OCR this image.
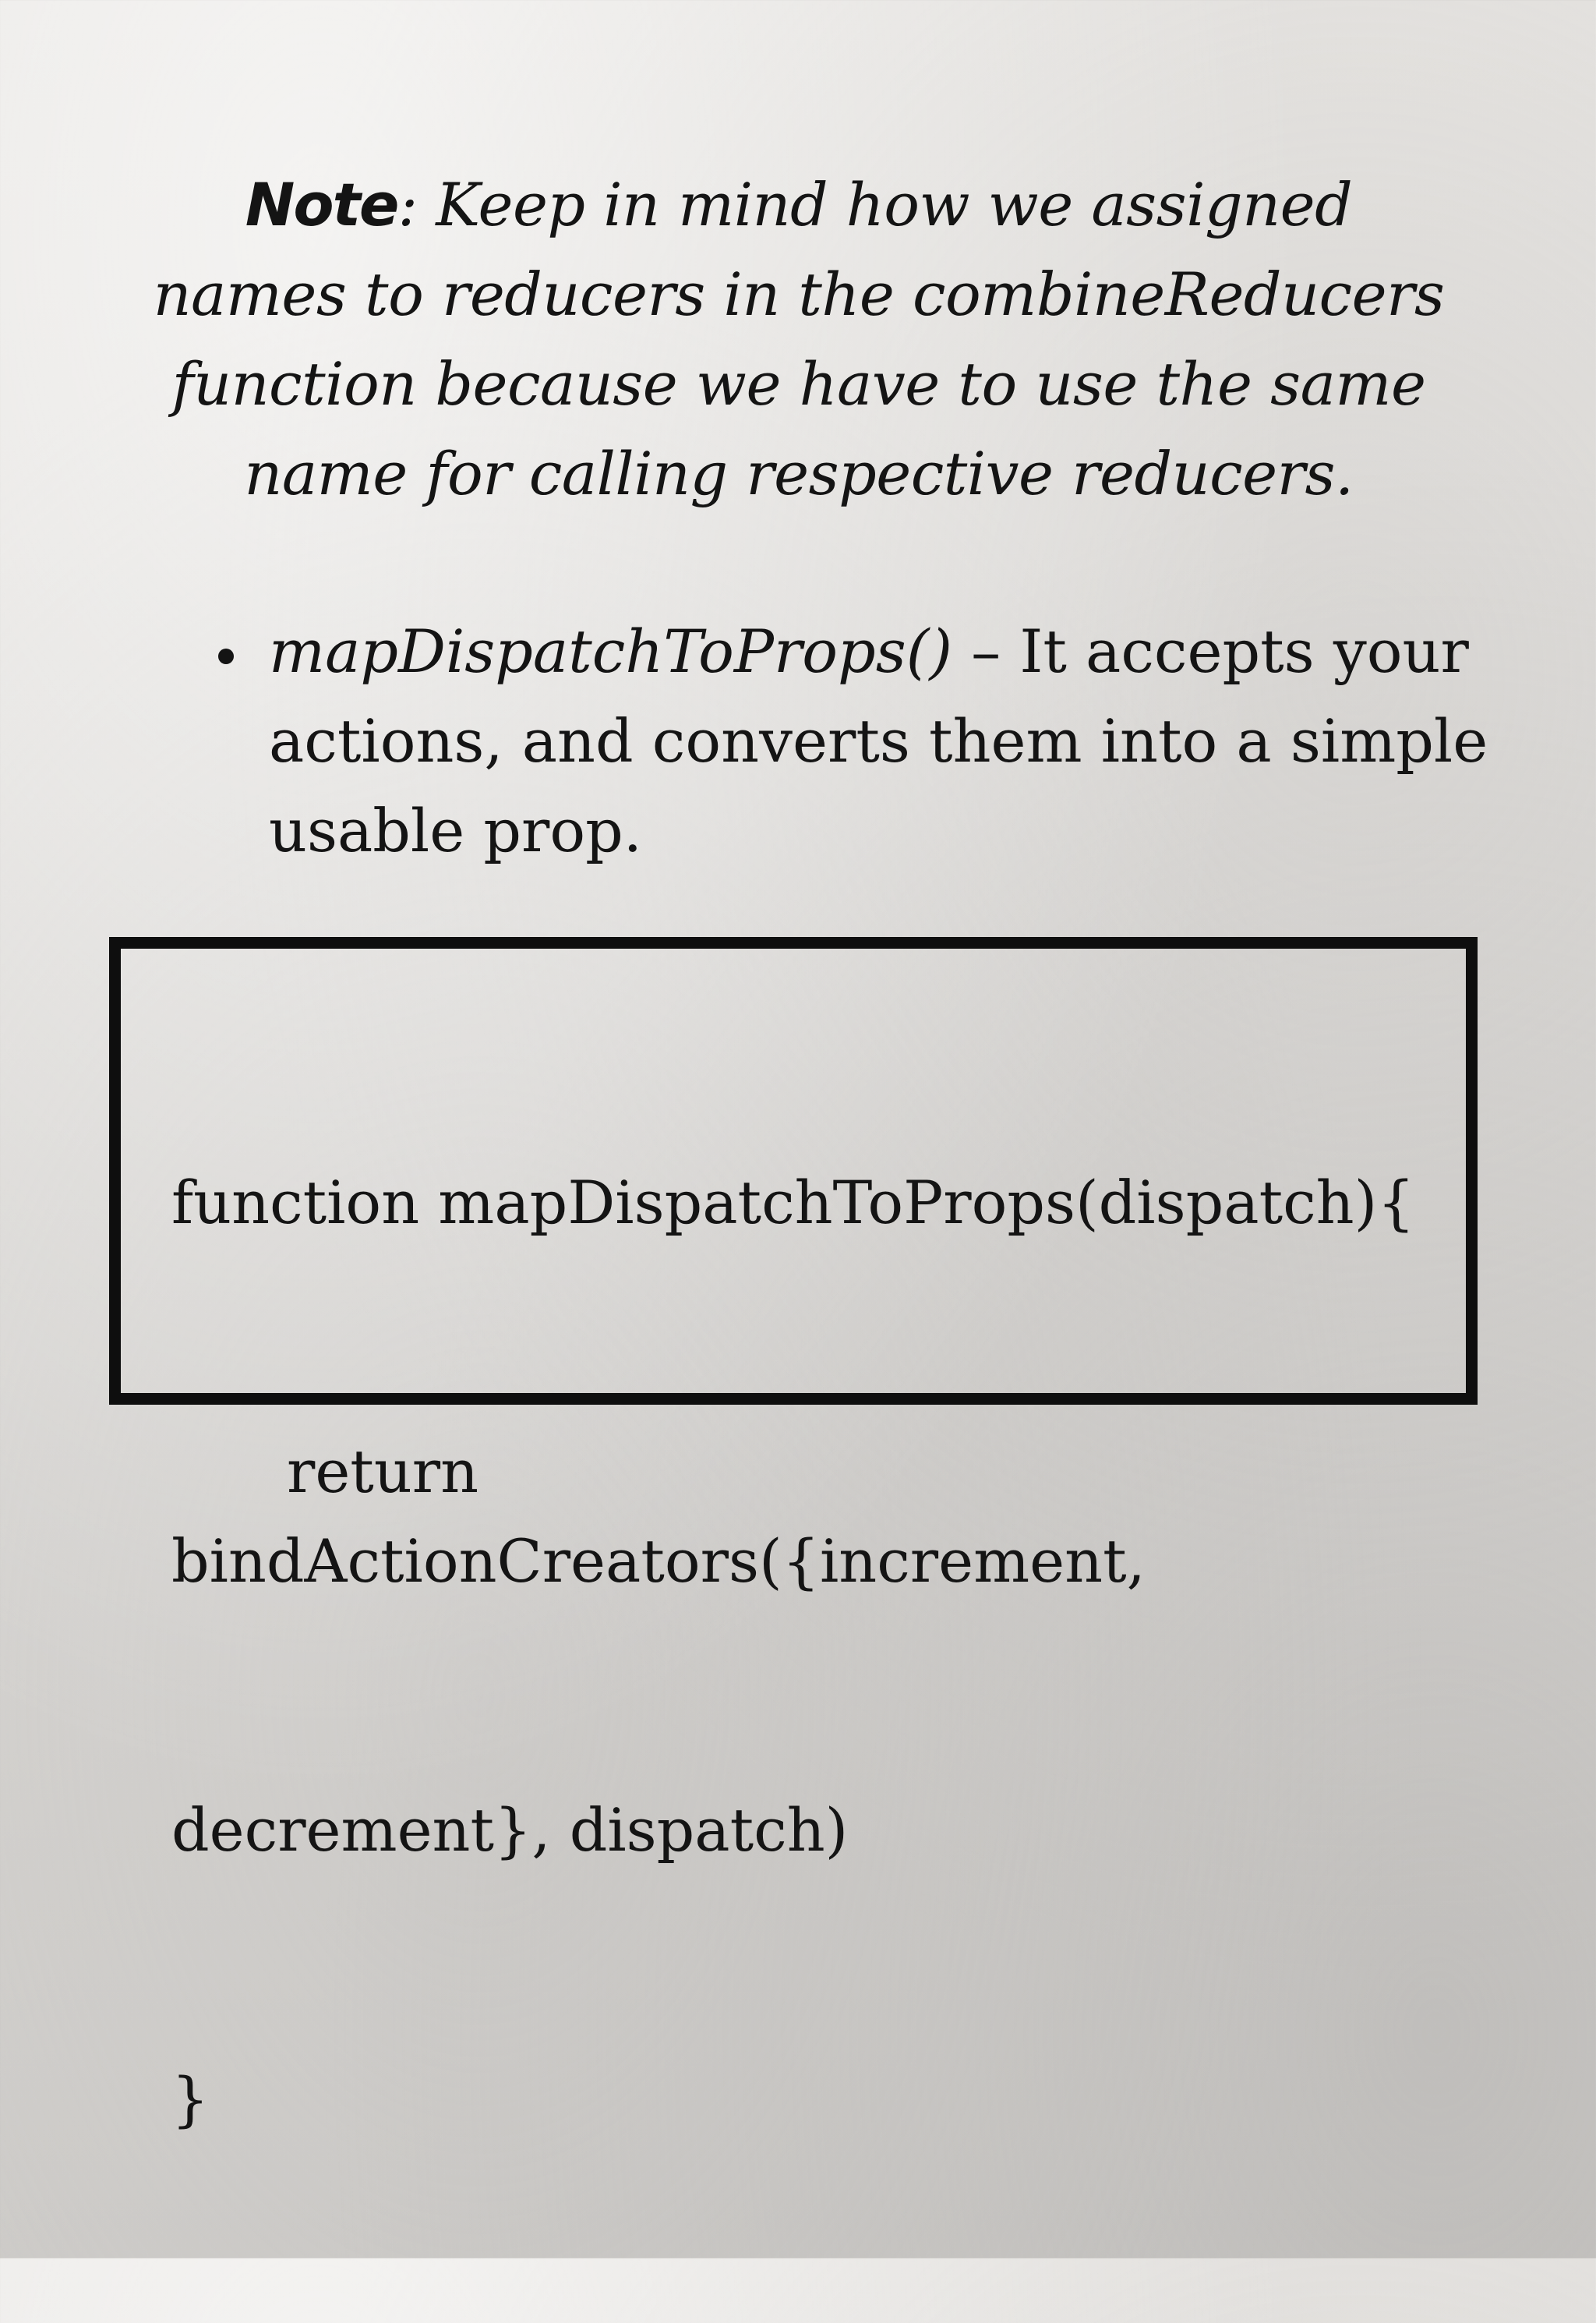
Note: Keep in mind how we assigned names to reducers in the combineReducers function because we have to use the same name for calling respective reducers.
mapDispatchToProps() – It accepts your actions, and converts them into a simple usable prop.

function mapDispatchToProps(dispatch){

return bindActionCreators({increment,

decrement}, dispatch)

}
